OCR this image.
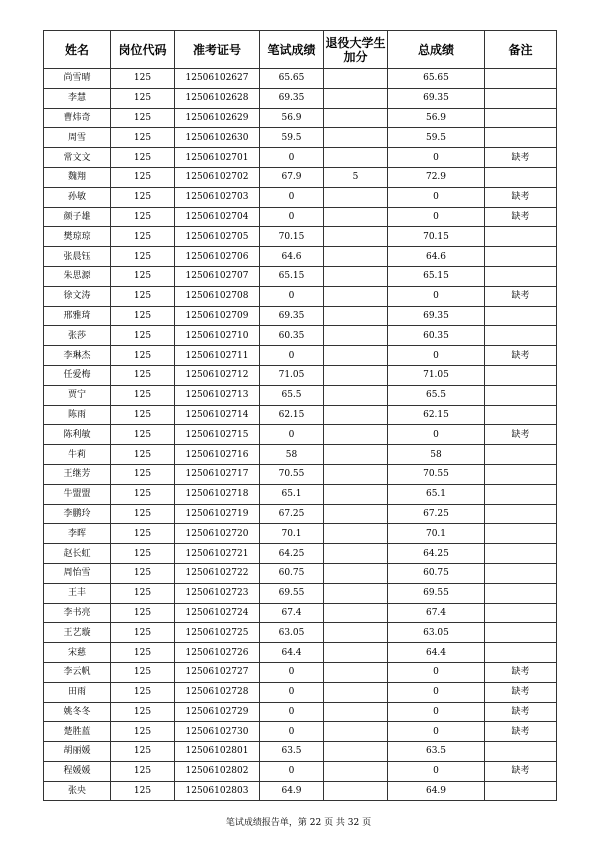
姓名	岗位代码	准考证号	笔试成绩	退役大学生加分	总成绩	备注
尚雪晴	125	12506102627	65.65		65.65	
李慧	125	12506102628	69.35		69.35	
曹炜奇	125	12506102629	56.9		56.9	
周雪	125	12506102630	59.5		59.5	
常文文	125	12506102701	0		0	缺考
魏翔	125	12506102702	67.9	5	72.9	
孙敏	125	12506102703	0		0	缺考
颜子雄	125	12506102704	0		0	缺考
樊琼琼	125	12506102705	70.15		70.15	
张晨钰	125	12506102706	64.6		64.6	
朱思源	125	12506102707	65.15		65.15	
徐文涛	125	12506102708	0		0	缺考
邢雅琦	125	12506102709	69.35		69.35	
张莎	125	12506102710	60.35		60.35	
李琳杰	125	12506102711	0		0	缺考
任爱梅	125	12506102712	71.05		71.05	
贾宁	125	12506102713	65.5		65.5	
陈雨	125	12506102714	62.15		62.15	
陈利敏	125	12506102715	0		0	缺考
牛莉	125	12506102716	58		58	
王继芳	125	12506102717	70.55		70.55	
牛盟盟	125	12506102718	65.1		65.1	
李鹏玲	125	12506102719	67.25		67.25	
李晖	125	12506102720	70.1		70.1	
赵长虹	125	12506102721	64.25		64.25	
周怡雪	125	12506102722	60.75		60.75	
王丰	125	12506102723	69.55		69.55	
李书亮	125	12506102724	67.4		67.4	
王艺璇	125	12506102725	63.05		63.05	
宋慈	125	12506102726	64.4		64.4	
李云帆	125	12506102727	0		0	缺考
田雨	125	12506102728	0		0	缺考
姚冬冬	125	12506102729	0		0	缺考
楚胜蓝	125	12506102730	0		0	缺考
胡丽媛	125	12506102801	63.5		63.5	
程媛媛	125	12506102802	0		0	缺考
张央	125	12506102803	64.9		64.9	
笔试成绩报告单，第 22 页 共 32 页
